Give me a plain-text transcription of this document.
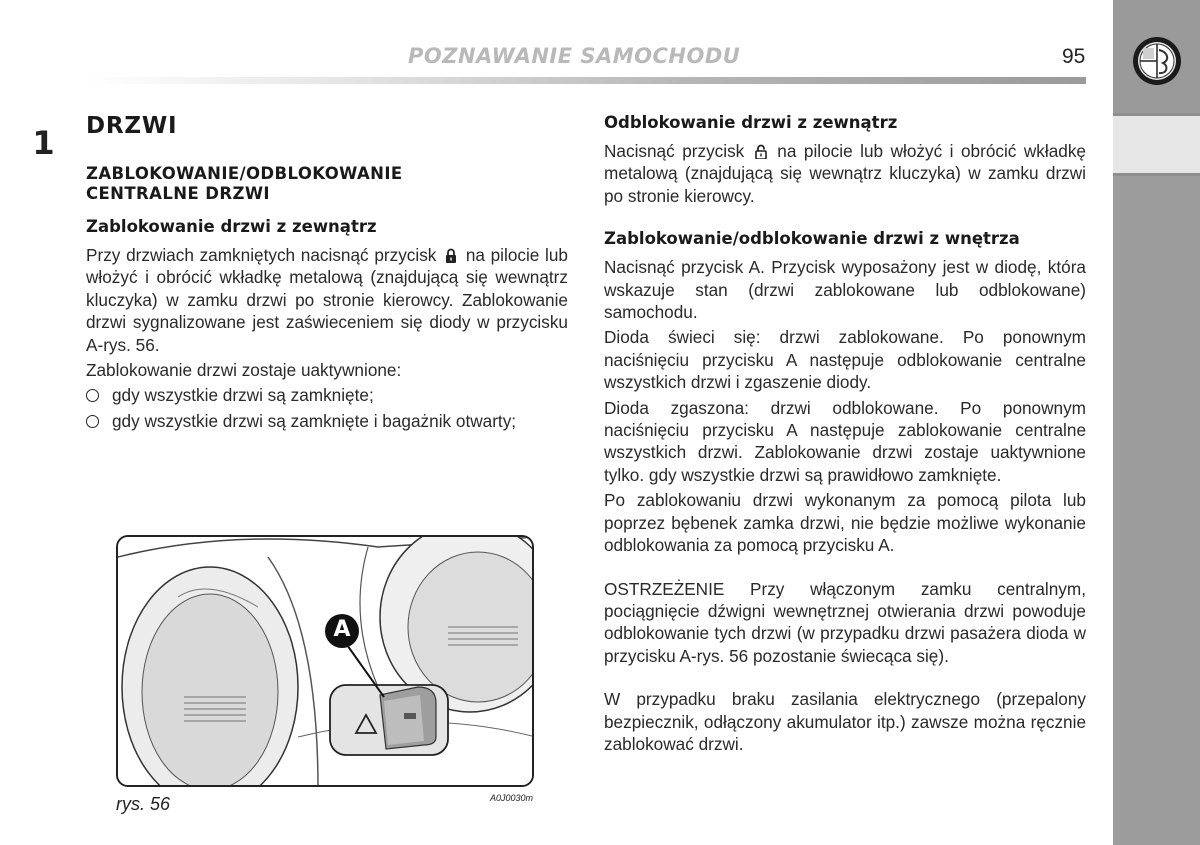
POZNAWANIE SAMOCHODU	95
1	DRZWI
ZABLOKOWANIE/ODBLOKOWANIE CENTRALNE DRZWI
Zablokowanie drzwi z zewnątrz

Przy drzwiach zamkniętych nacisnąć przycisk na pilocie lub włożyć i obrócić wkładkę metalową (znajdującą się wewnątrz kluczyka) w zamku drzwi po stronie kierowcy. Zablokowanie drzwi sygnalizowane jest zaświeceniem się diody w przycisku A-rys. 56.

Zablokowanie drzwi zostaje uaktywnione:

gdy wszystkie drzwi są zamknięte;
gdy wszystkie drzwi są zamknięte i bagażnik otwarty;
A
rys. 56	A0J0030m
Odblokowanie drzwi z zewnątrz

Nacisnąć przycisk na pilocie lub włożyć i obrócić wkładkę metalową (znajdującą się wewnątrz kluczyka) w zamku drzwi po stronie kierowcy.

Zablokowanie/odblokowanie drzwi z wnętrza

Nacisnąć przycisk A. Przycisk wyposażony jest w diodę, która wskazuje stan (drzwi zablokowane lub odblokowane) samochodu.

Dioda świeci się: drzwi zablokowane. Po ponownym naciśnięciu przycisku A następuje odblokowanie centralne wszystkich drzwi i zgaszenie diody.

Dioda zgaszona: drzwi odblokowane. Po ponownym naciśnięciu przycisku A następuje zablokowanie centralne wszystkich drzwi. Zablokowanie drzwi zostaje uaktywnione tylko. gdy wszystkie drzwi są prawidłowo zamknięte.

Po zablokowaniu drzwi wykonanym za pomocą pilota lub poprzez bębenek zamka drzwi, nie będzie możliwe wykonanie odblokowania za pomocą przycisku A.

OSTRZEŻENIE Przy włączonym zamku centralnym, pociągnięcie dźwigni wewnętrznej otwierania drzwi powoduje odblokowanie tych drzwi (w przypadku drzwi pasażera dioda w przycisku A-rys. 56 pozostanie świecąca się).

W przypadku braku zasilania elektrycznego (przepalony bezpiecznik, odłączony akumulator itp.) zawsze można ręcznie zablokować drzwi.
